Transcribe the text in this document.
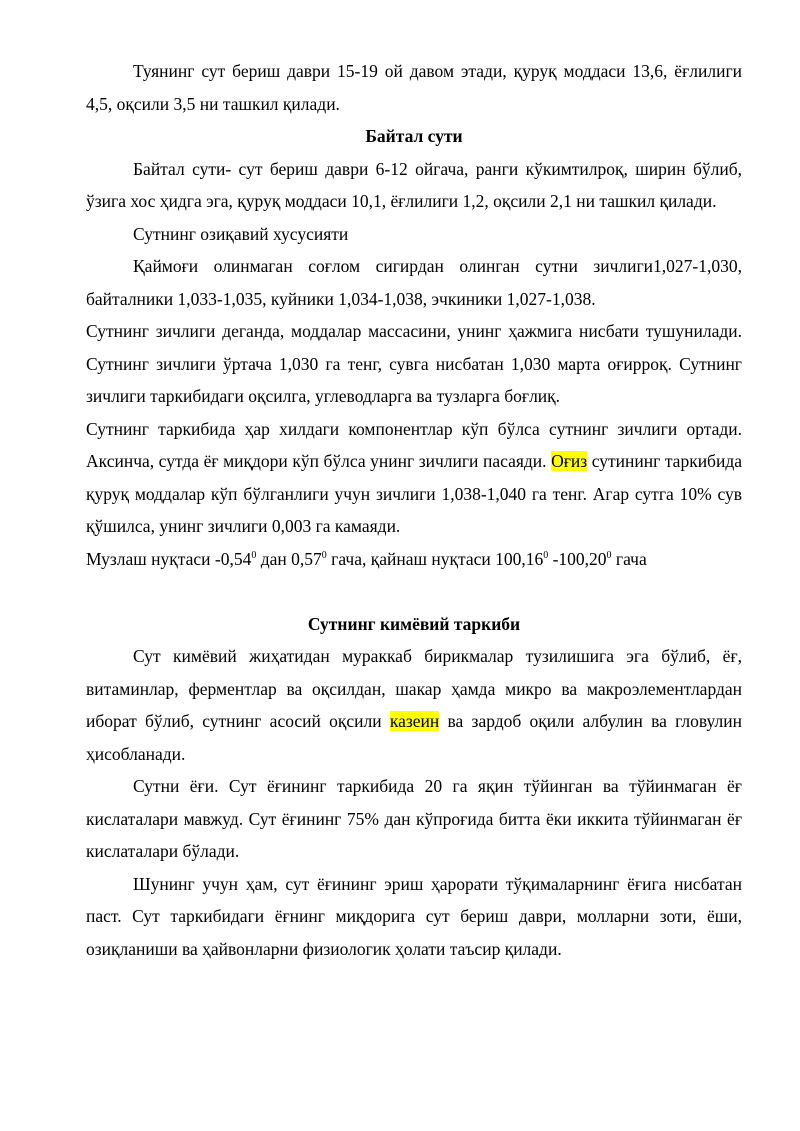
Туянинг сут бериш даври 15-19 ой давом этади, қуруқ моддаси 13,6, ёғлилиги 4,5, оқсили 3,5 ни ташкил қилади.

Байтал сути

Байтал сути- сут бериш даври 6-12 ойгача, ранги кўкимтилроқ, ширин бўлиб, ўзига хос ҳидга эга, қуруқ моддаси 10,1, ёғлилиги 1,2, оқсили 2,1 ни ташкил қилади.

Сутнинг озиқавий хусусияти

Қаймоғи олинмаган соғлом сигирдан олинган сутни зичлиги1,027-1,030, байталники 1,033-1,035, куйники 1,034-1,038, эчкиники 1,027-1,038.

Сутнинг зичлиги деганда, моддалар массасини, унинг ҳажмига нисбати тушунилади. Сутнинг зичлиги ўртача 1,030 га тенг, сувга нисбатан 1,030 марта оғирроқ. Сутнинг зичлиги таркибидаги оқсилга, углеводларга ва тузларга боғлиқ.

Сутнинг таркибида ҳар хилдаги компонентлар кўп бўлса сутнинг зичлиги ортади. Аксинча, сутда ёғ миқдори кўп бўлса унинг зичлиги пасаяди. Оғиз сутининг таркибида қуруқ моддалар кўп бўлганлиги учун зичлиги 1,038-1,040 га тенг. Агар сутга 10% сув қўшилса, унинг зичлиги 0,003 га камаяди.

Музлаш нуқтаси -0,54$^0$ дан 0,57$^0$ гача, қайнаш нуқтаси 100,16$^0$ -100,20$^0$ гача

Сутнинг кимёвий таркиби

Сут кимёвий жиҳатидан мураккаб бирикмалар тузилишига эга бўлиб, ёғ, витаминлар, ферментлар ва оқсилдан, шакар ҳамда микро ва макроэлементлардан иборат бўлиб, сутнинг асосий оқсили казеин ва зардоб оқили албулин ва гловулин ҳисобланади.

Сутни ёғи. Сут ёғининг таркибида 20 га яқин тўйинган ва тўйинмаган ёғ кислаталари мавжуд. Сут ёғининг 75% дан кўпроғида битта ёки иккита тўйинмаган ёғ кислаталари бўлади.

Шунинг учун ҳам, сут ёғининг эриш ҳарорати тўқималарнинг ёғига нисбатан паст. Сут таркибидаги ёғнинг миқдорига сут бериш даври, молларни зоти, ёши, озиқланиши ва ҳайвонларни физиологик ҳолати таъсир қилади.
